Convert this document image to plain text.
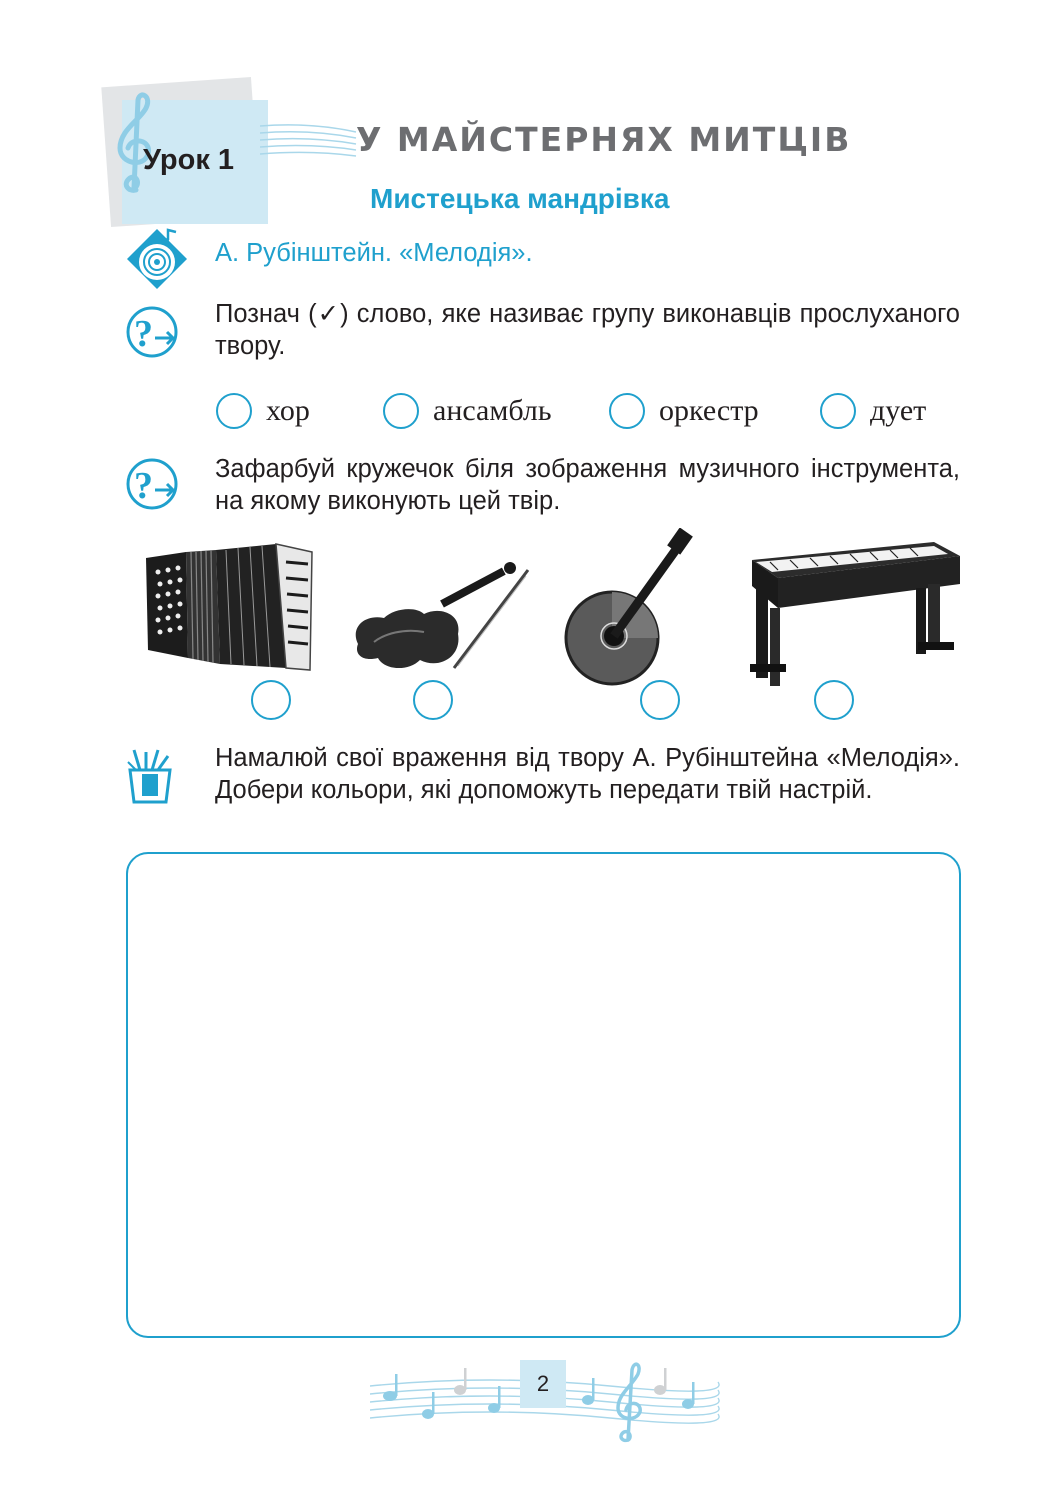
Урок 1
У МАЙСТЕРНЯХ МИТЦІВ
Мистецька мандрівка
А. Рубінштейн. «Мелодія».
? Познач (✓) слово, яке називає групу виконавців прослуханого твору.
хор	ансамбль	оркестр	дует
? Зафарбуй кружечок біля зображення музичного інструмента, на якому виконують цей твір.
Намалюй свої враження від твору А. Рубінштейна «Мелодія». Добери кольори, які допоможуть передати твій настрій.
2
